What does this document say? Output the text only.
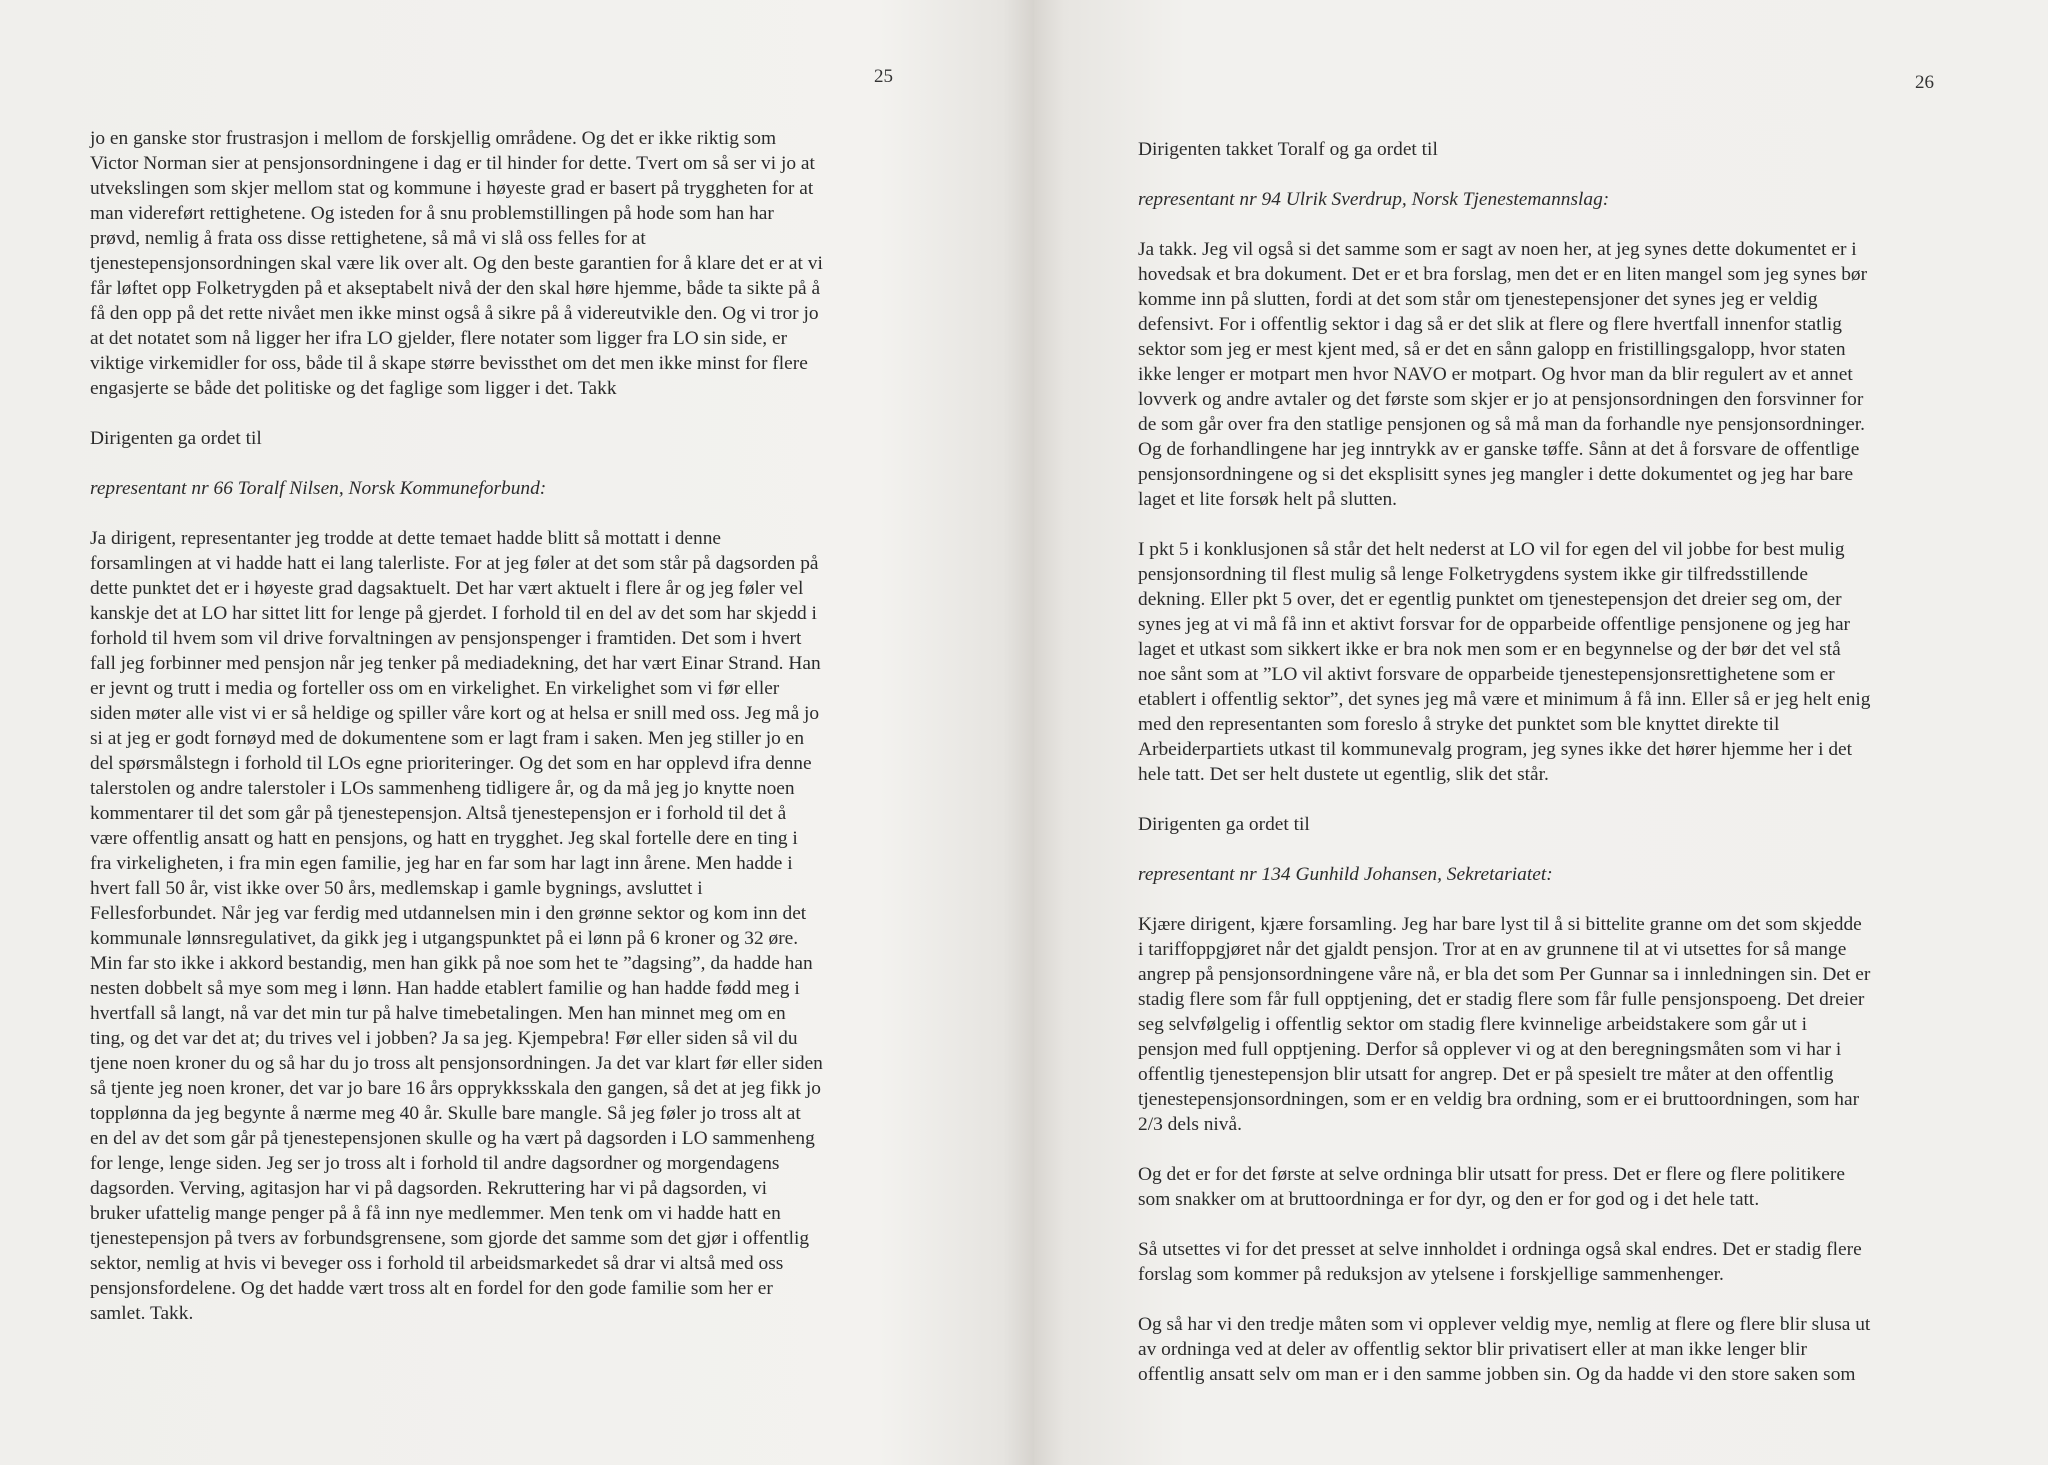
25
jo en ganske stor frustrasjon i mellom de forskjellig områdene. Og det er ikke riktig som
Victor Norman sier at pensjonsordningene i dag er til hinder for dette. Tvert om så ser vi jo at
utvekslingen som skjer mellom stat og kommune i høyeste grad er basert på tryggheten for at
man videreført rettighetene. Og isteden for å snu problemstillingen på hode som han har
prøvd, nemlig å frata oss disse rettighetene, så må vi slå oss felles for at
tjenestepensjonsordningen skal være lik over alt. Og den beste garantien for å klare det er at vi
får løftet opp Folketrygden på et akseptabelt nivå der den skal høre hjemme, både ta sikte på å
få den opp på det rette nivået men ikke minst også å sikre på å videreutvikle den. Og vi tror jo
at det notatet som nå ligger her ifra LO gjelder, flere notater som ligger fra LO sin side, er
viktige virkemidler for oss, både til å skape større bevissthet om det men ikke minst for flere
engasjerte se både det politiske og det faglige som ligger i det. Takk
Dirigenten ga ordet til
representant nr 66 Toralf Nilsen, Norsk Kommuneforbund:
Ja dirigent, representanter jeg trodde at dette temaet hadde blitt så mottatt i denne
forsamlingen at vi hadde hatt ei lang talerliste. For at jeg føler at det som står på dagsorden på
dette punktet det er i høyeste grad dagsaktuelt. Det har vært aktuelt i flere år og jeg føler vel
kanskje det at LO har sittet litt for lenge på gjerdet. I forhold til en del av det som har skjedd i
forhold til hvem som vil drive forvaltningen av pensjonspenger i framtiden. Det som i hvert
fall jeg forbinner med pensjon når jeg tenker på mediadekning, det har vært Einar Strand. Han
er jevnt og trutt i media og forteller oss om en virkelighet. En virkelighet som vi før eller
siden møter alle vist vi er så heldige og spiller våre kort og at helsa er snill med oss. Jeg må jo
si at jeg er godt fornøyd med de dokumentene som er lagt fram i saken. Men jeg stiller jo en
del spørsmålstegn i forhold til LOs egne prioriteringer. Og det som en har opplevd ifra denne
talerstolen og andre talerstoler i LOs sammenheng tidligere år, og da må jeg jo knytte noen
kommentarer til det som går på tjenestepensjon. Altså tjenestepensjon er i forhold til det å
være offentlig ansatt og hatt en pensjons, og hatt en trygghet. Jeg skal fortelle dere en ting i
fra virkeligheten, i fra min egen familie, jeg har en far som har lagt inn årene. Men hadde i
hvert fall 50 år, vist ikke over 50 års, medlemskap i gamle bygnings, avsluttet i
Fellesforbundet. Når jeg var ferdig med utdannelsen min i den grønne sektor og kom inn det
kommunale lønnsregulativet, da gikk jeg i utgangspunktet på ei lønn på 6 kroner og 32 øre.
Min far sto ikke i akkord bestandig, men han gikk på noe som het te ”dagsing”, da hadde han
nesten dobbelt så mye som meg i lønn. Han hadde etablert familie og han hadde fødd meg i
hvertfall så langt, nå var det min tur på halve timebetalingen. Men han minnet meg om en
ting, og det var det at; du trives vel i jobben? Ja sa jeg. Kjempebra! Før eller siden så vil du
tjene noen kroner du og så har du jo tross alt pensjonsordningen. Ja det var klart før eller siden
så tjente jeg noen kroner, det var jo bare 16 års opprykksskala den gangen, så det at jeg fikk jo
topplønna da jeg begynte å nærme meg 40 år. Skulle bare mangle. Så jeg føler jo tross alt at
en del av det som går på tjenestepensjonen skulle og ha vært på dagsorden i LO sammenheng
for lenge, lenge siden. Jeg ser jo tross alt i forhold til andre dagsordner og morgendagens
dagsorden. Verving, agitasjon har vi på dagsorden. Rekruttering har vi på dagsorden, vi
bruker ufattelig mange penger på å få inn nye medlemmer. Men tenk om vi hadde hatt en
tjenestepensjon på tvers av forbundsgrensene, som gjorde det samme som det gjør i offentlig
sektor, nemlig at hvis vi beveger oss i forhold til arbeidsmarkedet så drar vi altså med oss
pensjonsfordelene. Og det hadde vært tross alt en fordel for den gode familie som her er
samlet. Takk.
26
Dirigenten takket Toralf og ga ordet til
representant nr 94 Ulrik Sverdrup, Norsk Tjenestemannslag:
Ja takk. Jeg vil også si det samme som er sagt av noen her, at jeg synes dette dokumentet er i
hovedsak et bra dokument. Det er et bra forslag, men det er en liten mangel som jeg synes bør
komme inn på slutten, fordi at det som står om tjenestepensjoner det synes jeg er veldig
defensivt. For i offentlig sektor i dag så er det slik at flere og flere hvertfall innenfor statlig
sektor som jeg er mest kjent med, så er det en sånn galopp en fristillingsgalopp, hvor staten
ikke lenger er motpart men hvor NAVO er motpart. Og hvor man da blir regulert av et annet
lovverk og andre avtaler og det første som skjer er jo at pensjonsordningen den forsvinner for
de som går over fra den statlige pensjonen og så må man da forhandle nye pensjonsordninger.
Og de forhandlingene har jeg inntrykk av er ganske tøffe. Sånn at det å forsvare de offentlige
pensjonsordningene og si det eksplisitt synes jeg mangler i dette dokumentet og jeg har bare
laget et lite forsøk helt på slutten.
I pkt 5 i konklusjonen så står det helt nederst at LO vil for egen del vil jobbe for best mulig
pensjonsordning til flest mulig så lenge Folketrygdens system ikke gir tilfredsstillende
dekning. Eller pkt 5 over, det er egentlig punktet om tjenestepensjon det dreier seg om, der
synes jeg at vi må få inn et aktivt forsvar for de opparbeide offentlige pensjonene og jeg har
laget et utkast som sikkert ikke er bra nok men som er en begynnelse og der bør det vel stå
noe sånt som at ”LO vil aktivt forsvare de opparbeide tjenestepensjonsrettighetene som er
etablert i offentlig sektor”, det synes jeg må være et minimum å få inn. Eller så er jeg helt enig
med den representanten som foreslo å stryke det punktet som ble knyttet direkte til
Arbeiderpartiets utkast til kommunevalg program, jeg synes ikke det hører hjemme her i det
hele tatt. Det ser helt dustete ut egentlig, slik det står.
Dirigenten ga ordet til
representant nr 134 Gunhild Johansen, Sekretariatet:
Kjære dirigent, kjære forsamling. Jeg har bare lyst til å si bittelite granne om det som skjedde
i tariffoppgjøret når det gjaldt pensjon. Tror at en av grunnene til at vi utsettes for så mange
angrep på pensjonsordningene våre nå, er bla det som Per Gunnar sa i innledningen sin. Det er
stadig flere som får full opptjening, det er stadig flere som får fulle pensjonspoeng. Det dreier
seg selvfølgelig i offentlig sektor om stadig flere kvinnelige arbeidstakere som går ut i
pensjon med full opptjening. Derfor så opplever vi og at den beregningsmåten som vi har i
offentlig tjenestepensjon blir utsatt for angrep. Det er på spesielt tre måter at den offentlig
tjenestepensjonsordningen, som er en veldig bra ordning, som er ei bruttoordningen, som har
2/3 dels nivå.
Og det er for det første at selve ordninga blir utsatt for press. Det er flere og flere politikere
som snakker om at bruttoordninga er for dyr, og den er for god og i det hele tatt.
Så utsettes vi for det presset at selve innholdet i ordninga også skal endres. Det er stadig flere
forslag som kommer på reduksjon av ytelsene i forskjellige sammenhenger.
Og så har vi den tredje måten som vi opplever veldig mye, nemlig at flere og flere blir slusa ut
av ordninga ved at deler av offentlig sektor blir privatisert eller at man ikke lenger blir
offentlig ansatt selv om man er i den samme jobben sin. Og da hadde vi den store saken som
